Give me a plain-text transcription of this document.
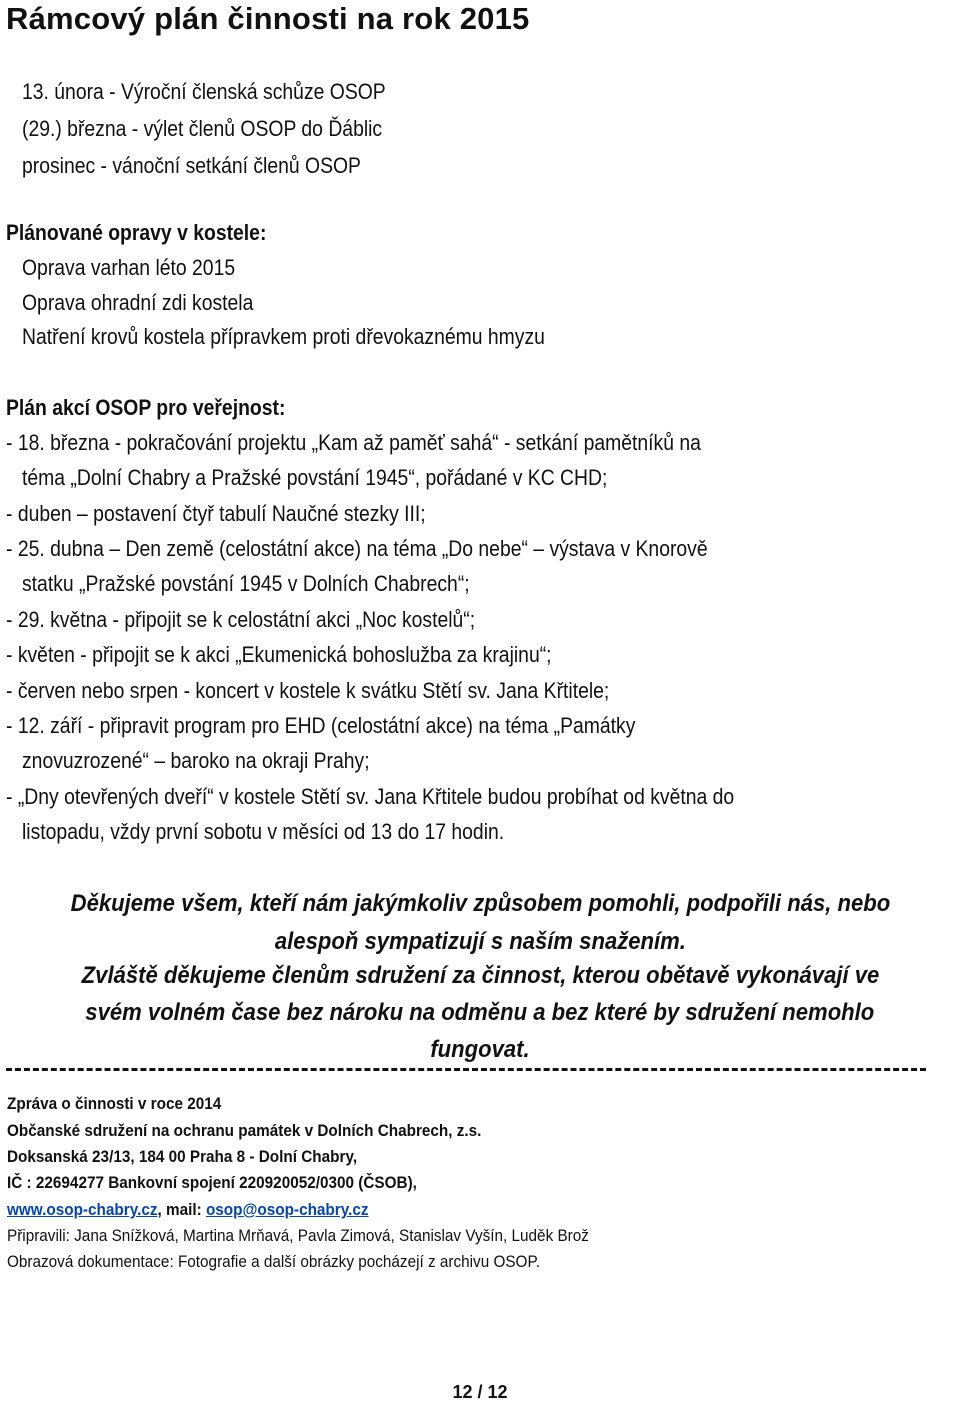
Rámcový plán činnosti na rok 2015
13. února - Výroční členská schůze OSOP
(29.) března - výlet členů OSOP do Ďáblic
prosinec - vánoční setkání členů OSOP
Plánované opravy v kostele:
Oprava varhan léto 2015
Oprava ohradní zdi kostela
Natření krovů kostela přípravkem proti dřevokaznému hmyzu
Plán akcí OSOP pro veřejnost:
- 18. března - pokračování projektu „Kam až paměť sahá“ - setkání pamětníků na
téma „Dolní Chabry a Pražské povstání 1945“, pořádané v KC CHD;
- duben – postavení čtyř tabulí Naučné stezky III;
- 25. dubna – Den země (celostátní akce) na téma „Do nebe“ – výstava v Knorově
statku „Pražské povstání 1945 v Dolních Chabrech“;
- 29. května - připojit se k celostátní akci „Noc kostelů“;
- květen - připojit se k akci „Ekumenická bohoslužba za krajinu“;
- červen nebo srpen - koncert v kostele k svátku Stětí sv. Jana Křtitele;
- 12. září - připravit program pro EHD (celostátní akce) na téma „Památky
znovuzrozené“ – baroko na okraji Prahy;
- „Dny otevřených dveří“ v kostele Stětí sv. Jana Křtitele budou probíhat od května do
listopadu, vždy první sobotu v měsíci od 13 do 17 hodin.
Děkujeme všem, kteří nám jakýmkoliv způsobem pomohli, podpořili nás, nebo
alespoň sympatizují s naším snažením.
Zvláště děkujeme členům sdružení za činnost, kterou obětavě vykonávají ve
svém volném čase bez nároku na odměnu a bez které by sdružení nemohlo
fungovat.
Zpráva o činnosti v roce 2014
Občanské sdružení na ochranu památek v Dolních Chabrech, z.s.
Doksanská 23/13, 184 00 Praha 8 - Dolní Chabry,
IČ : 22694277 Bankovní spojení 220920052/0300 (ČSOB),
www.osop-chabry.cz, mail: osop@osop-chabry.cz
Připravili: Jana Snížková, Martina Mrňavá, Pavla Zimová, Stanislav Vyšín, Luděk Brož
Obrazová dokumentace: Fotografie a další obrázky pocházejí z archivu OSOP.
12 / 12
